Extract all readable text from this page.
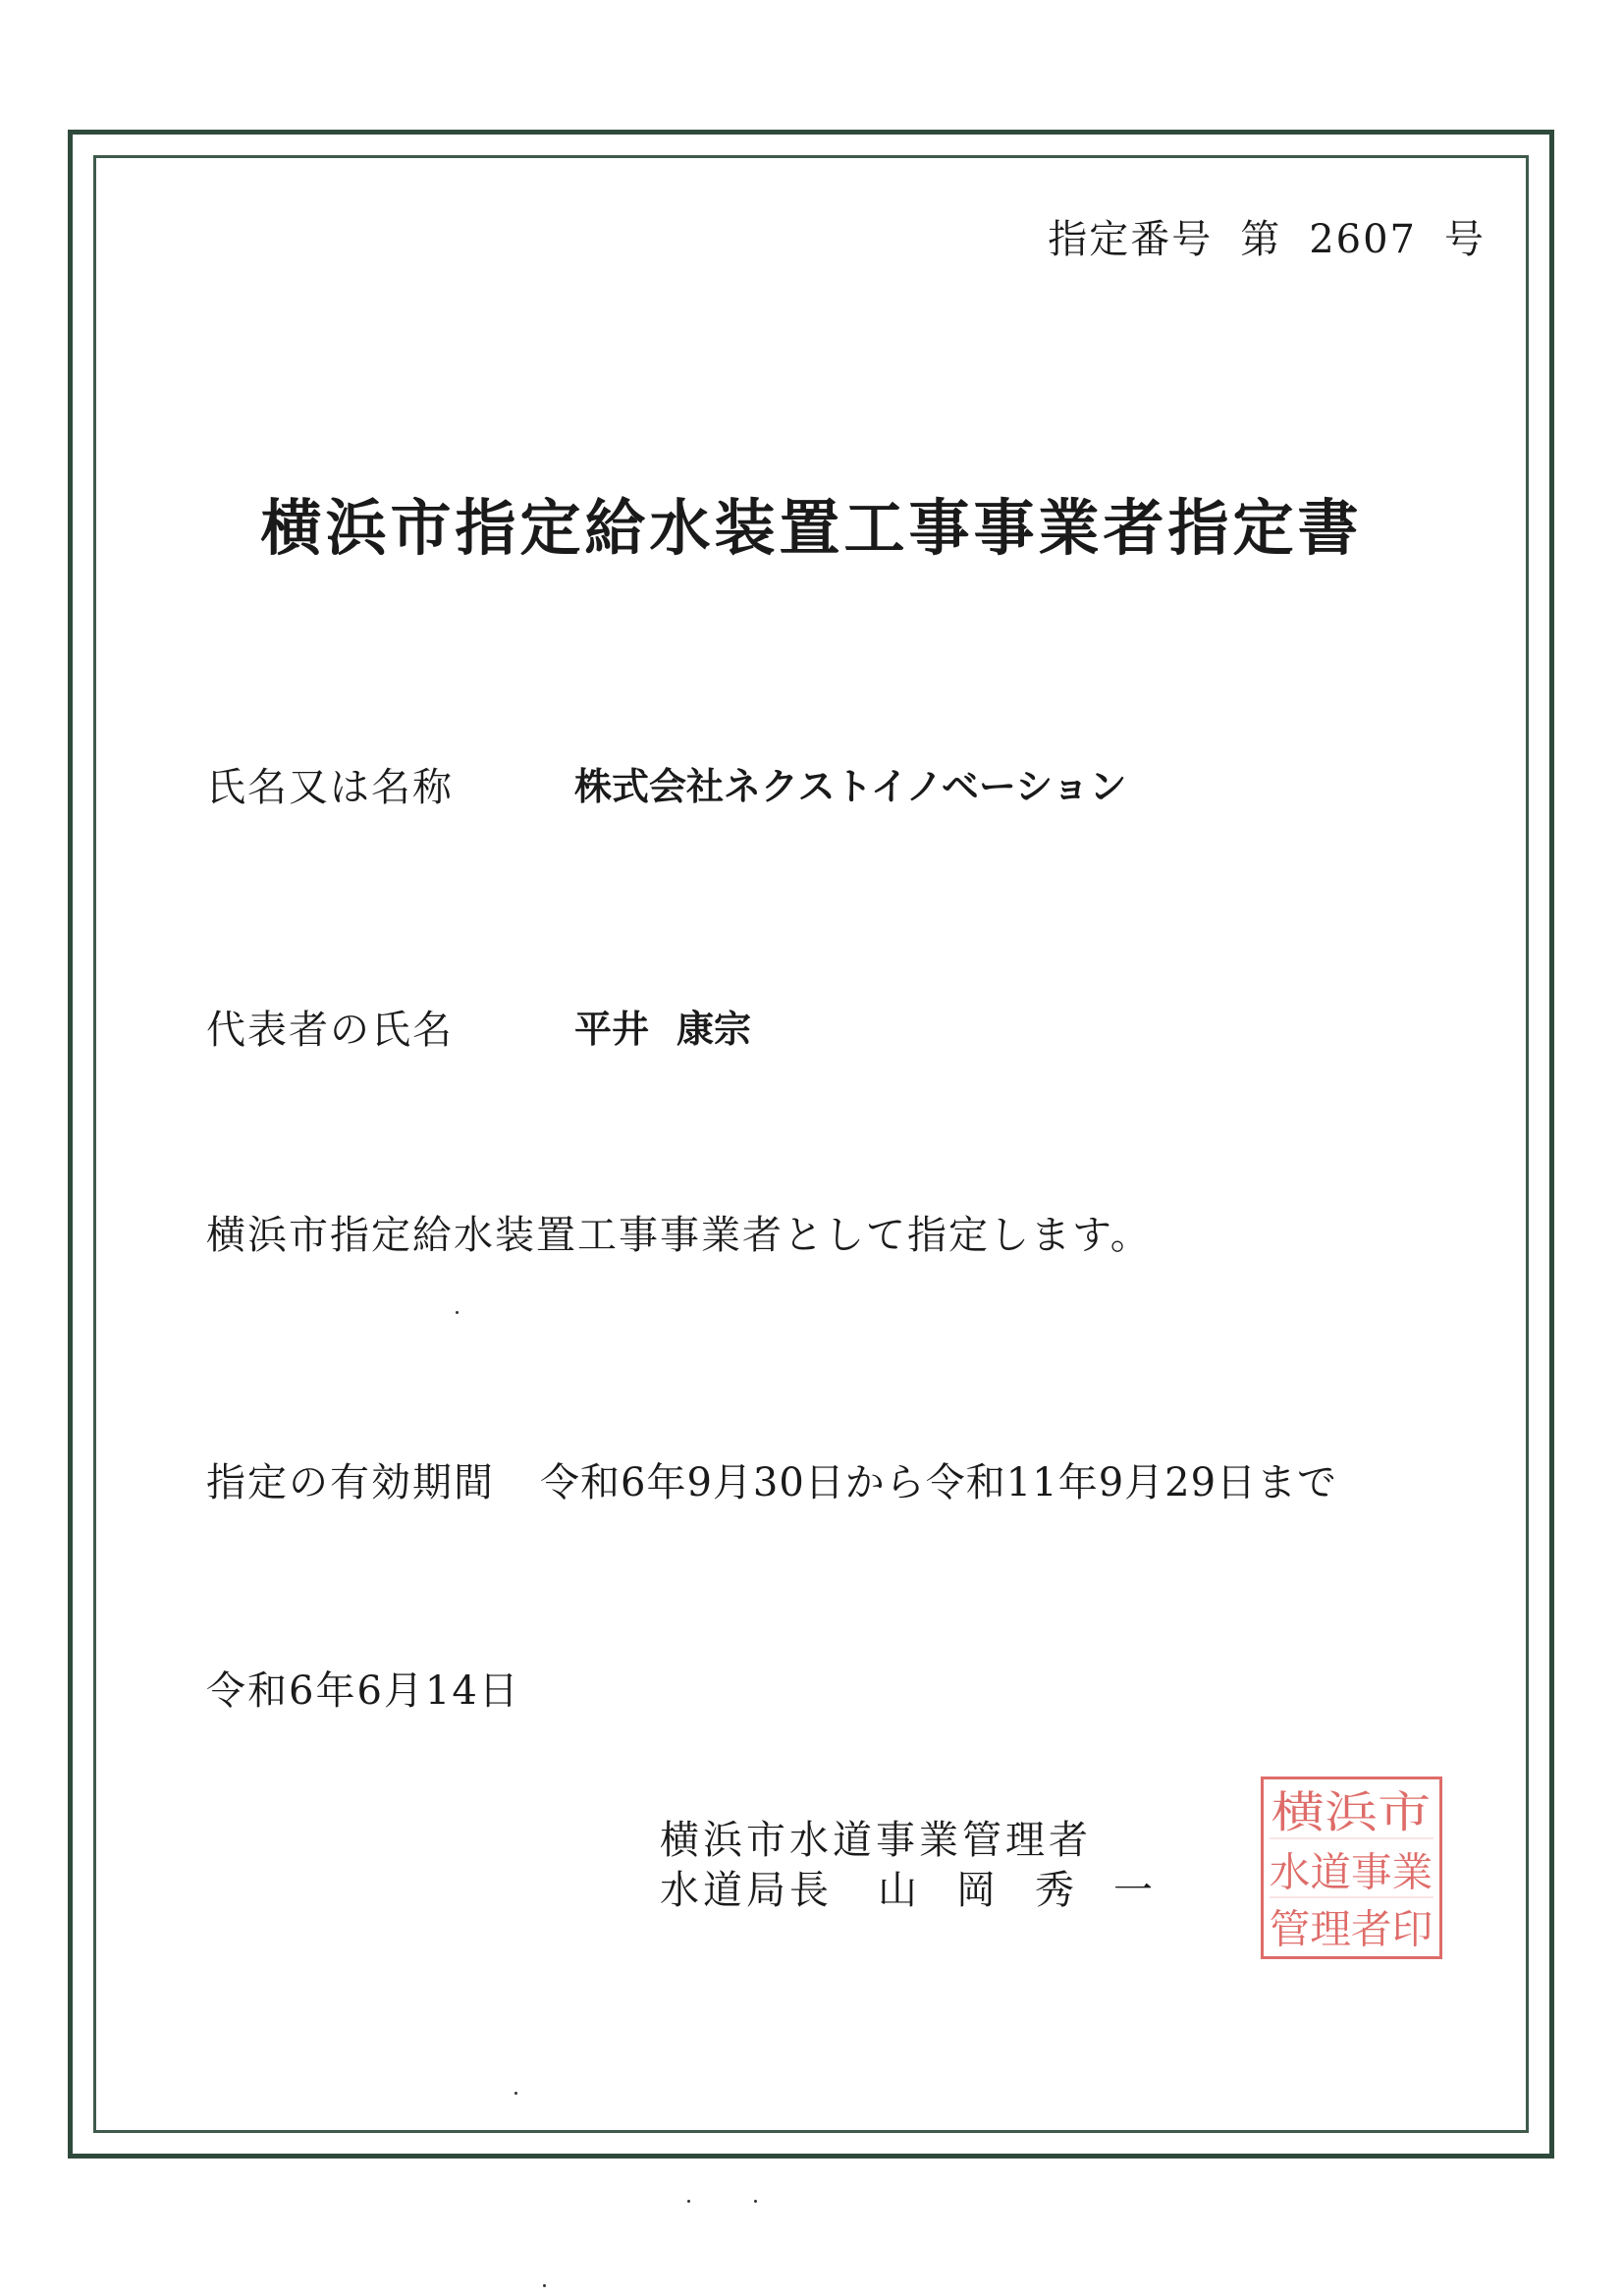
指定番号 第 2607 号
横浜市指定給水装置工事事業者指定書
氏名又は名称	株式会社ネクストイノベーション
代表者の氏名	平井 康宗
横浜市指定給水装置工事事業者として指定します。
指定の有効期間 令和6年9月30日から令和11年9月29日まで
令和6年6月14日
横浜市水道事業管理者
水道局長 山岡秀一
横浜市
水道事業
管理者印
